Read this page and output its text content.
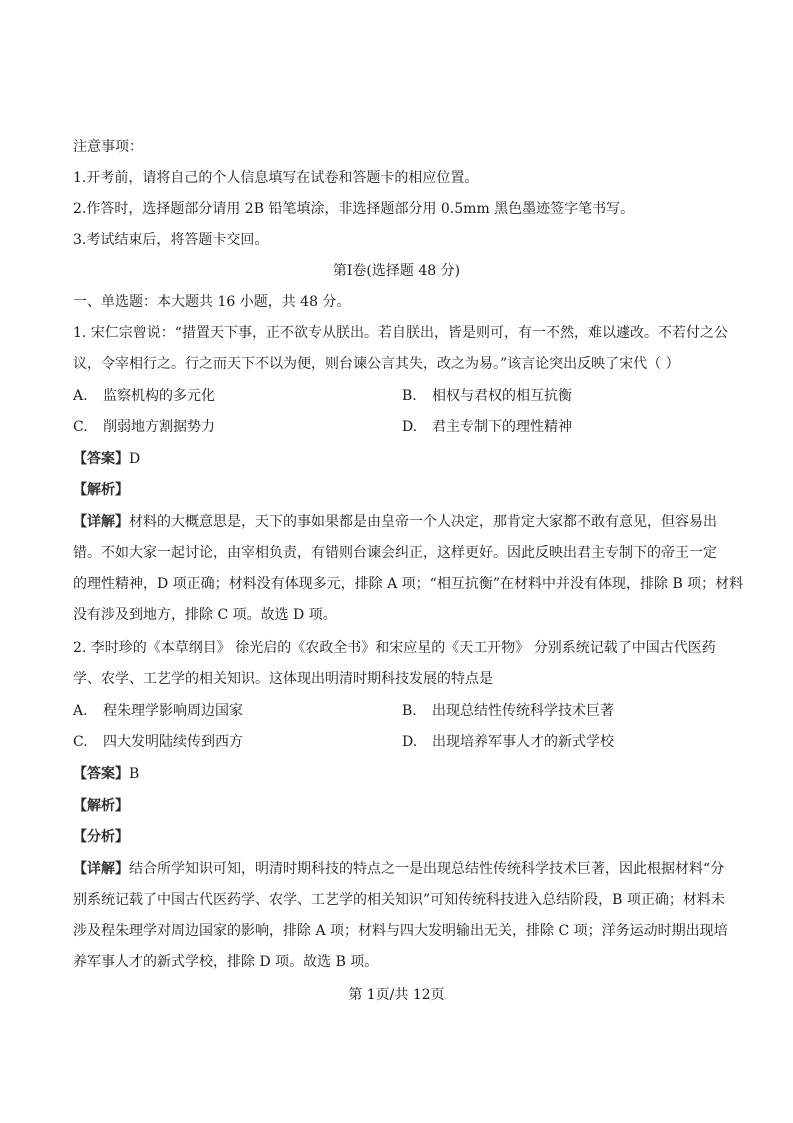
注意事项：
1.开考前，请将自己的个人信息填写在试卷和答题卡的相应位置。
2.作答时，选择题部分请用 2B 铅笔填涂，非选择题部分用 0.5mm 黑色墨迹签字笔书写。
3.考试结束后，将答题卡交回。
第Ⅰ卷(选择题 48 分)
一、单选题：本大题共 16 小题，共 48 分。
1. 宋仁宗曾说：“措置天下事，正不欲专从朕出。若自朕出，皆是则可，有一不然，难以遽改。不若付之公
议，令宰相行之。行之而天下不以为便，则台谏公言其失，改之为易。”该言论突出反映了宋代（ ）
A. 监察机构的多元化	B. 相权与君权的相互抗衡
C. 削弱地方割据势力	D. 君主专制下的理性精神
【答案】D
【解析】
【详解】材料的大概意思是，天下的事如果都是由皇帝一个人决定，那肯定大家都不敢有意见，但容易出
错。不如大家一起讨论，由宰相负责，有错则台谏会纠正，这样更好。因此反映出君主专制下的帝王一定
的理性精神，D 项正确；材料没有体现多元，排除 A 项；“相互抗衡”在材料中并没有体现，排除 B 项；材料
没有涉及到地方，排除 C 项。故选 D 项。
2. 李时珍的《本草纲目》 徐光启的《农政全书》和宋应星的《天工开物》 分别系统记载了中国古代医药
学、农学、工艺学的相关知识。这体现出明清时期科技发展的特点是
A. 程朱理学影响周边国家	B. 出现总结性传统科学技术巨著
C. 四大发明陆续传到西方	D. 出现培养军事人才的新式学校
【答案】B
【解析】
【分析】
【详解】结合所学知识可知，明清时期科技的特点之一是出现总结性传统科学技术巨著，因此根据材料“分
别系统记载了中国古代医药学、农学、工艺学的相关知识”可知传统科技进入总结阶段，B 项正确；材料未
涉及程朱理学对周边国家的影响，排除 A 项；材料与四大发明输出无关，排除 C 项；洋务运动时期出现培
养军事人才的新式学校，排除 D 项。故选 B 项。
第 1页/共 12页
